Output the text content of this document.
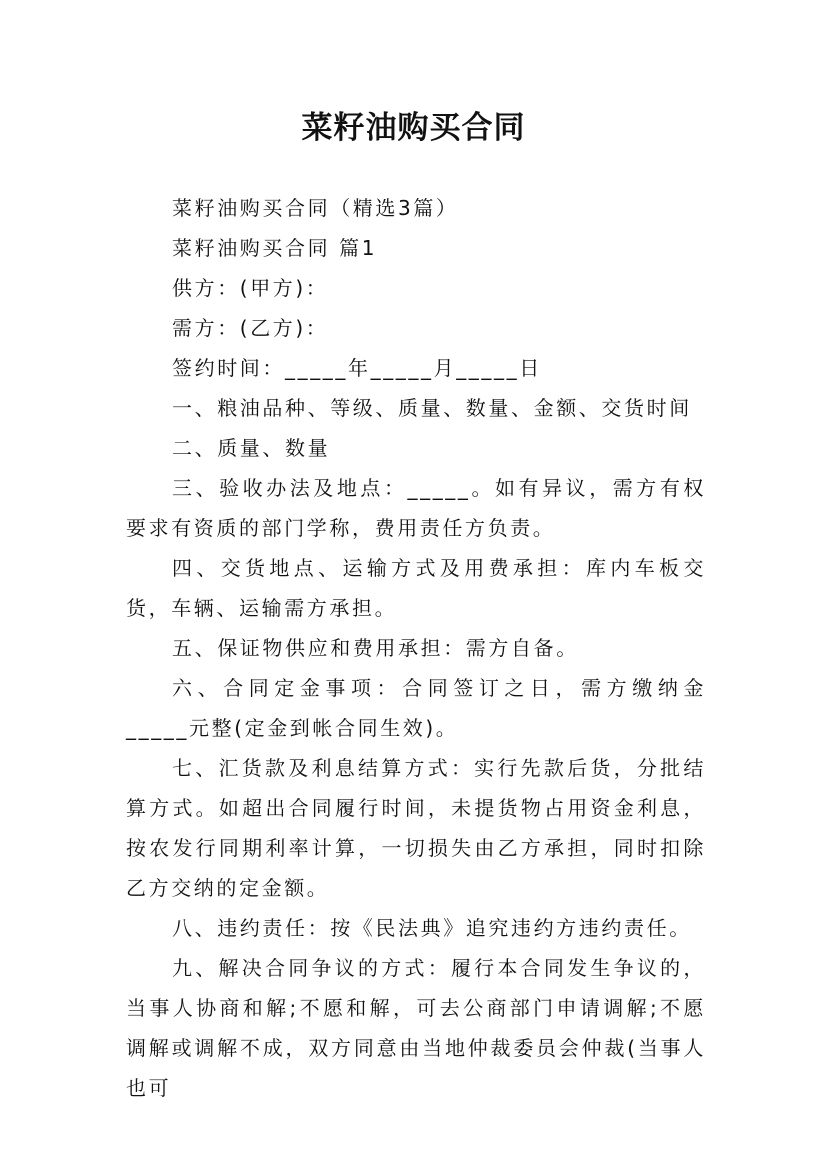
菜籽油购买合同

菜籽油购买合同（精选3篇）

菜籽油购买合同 篇1

供方：(甲方)：

需方：(乙方)：

签约时间：_____年_____月_____日

一、粮油品种、等级、质量、数量、金额、交货时间

二、质量、数量

三、验收办法及地点：_____。如有异议，需方有权要求有资质的部门学称，费用责任方负责。

四、交货地点、运输方式及用费承担：库内车板交货，车辆、运输需方承担。

五、保证物供应和费用承担：需方自备。

六、合同定金事项：合同签订之日，需方缴纳金_____元整(定金到帐合同生效)。

七、汇货款及利息结算方式：实行先款后货，分批结算方式。如超出合同履行时间，未提货物占用资金利息，按农发行同期利率计算，一切损失由乙方承担，同时扣除乙方交纳的定金额。

八、违约责任：按《民法典》追究违约方违约责任。

九、解决合同争议的方式：履行本合同发生争议的，当事人协商和解;不愿和解，可去公商部门申请调解;不愿调解或调解不成，双方同意由当地仲裁委员会仲裁(当事人也可
